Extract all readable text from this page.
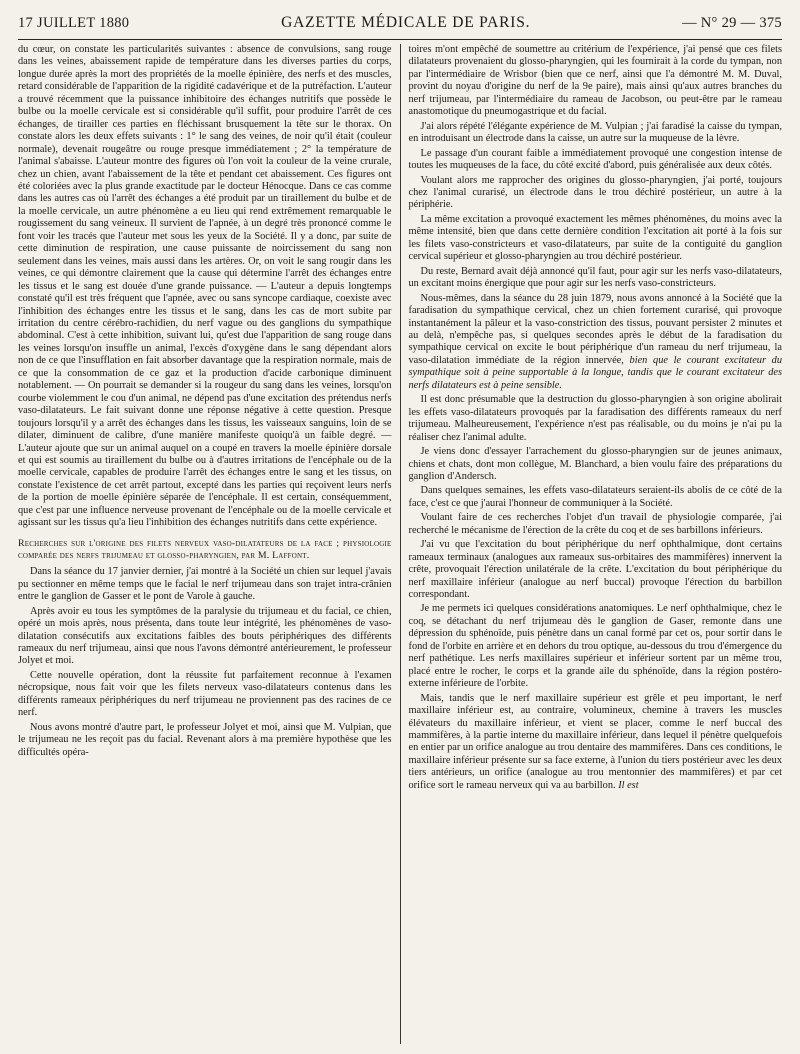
17 JUILLET 1880	GAZETTE MÉDICALE DE PARIS.	— N° 29 — 375

du cœur, on constate les particularités suivantes : absence de convulsions, sang rouge dans les veines, abaissement rapide de température dans les diverses parties du corps, longue durée après la mort des propriétés de la moelle épinière, des nerfs et des muscles, retard considérable de l'apparition de la rigidité cadavérique et de la putréfaction. L'auteur a trouvé récemment que la puissance inhibitoire des échanges nutritifs que possède le bulbe ou la moelle cervicale est si considérable qu'il suffit, pour produire l'arrêt de ces échanges, de tirailler ces parties en fléchissant brusquement la tête sur le thorax. On constate alors les deux effets suivants : 1° le sang des veines, de noir qu'il était (couleur normale), devenait rougeâtre ou rouge presque immédiatement ; 2° la température de l'animal s'abaisse. L'auteur montre des figures où l'on voit la couleur de la veine crurale, chez un chien, avant l'abaissement de la tête et pendant cet abaissement. Ces figures ont été coloriées avec la plus grande exactitude par le docteur Hénocque. Dans ce cas comme dans les autres cas où l'arrêt des échanges a été produit par un tiraillement du bulbe et de la moelle cervicale, un autre phénomène a eu lieu qui rend extrêmement remarquable le rougissement du sang veineux. Il survient de l'apnée, à un degré très prononcé comme le font voir les tracés que l'auteur met sous les yeux de la Société. Il y a donc, par suite de cette diminution de respiration, une cause puissante de noircissement du sang non seulement dans les veines, mais aussi dans les artères. Or, on voit le sang rougir dans les veines, ce qui démontre clairement que la cause qui détermine l'arrêt des échanges entre les tissus et le sang est douée d'une grande puissance. — L'auteur a depuis longtemps constaté qu'il est très fréquent que l'apnée, avec ou sans syncope cardiaque, coexiste avec l'inhibition des échanges entre les tissus et le sang, dans les cas de mort subite par irritation du centre cérébro-rachidien, du nerf vague ou des ganglions du sympathique abdominal. C'est à cette inhibition, suivant lui, qu'est due l'apparition de sang rouge dans les veines lorsqu'on insuffle un animal, l'excès d'oxygène dans le sang dépendant alors non de ce que l'insufflation en fait absorber davantage que la respiration normale, mais de ce que la consommation de ce gaz et la production d'acide carbonique diminuent notablement. — On pourrait se demander si la rougeur du sang dans les veines, lorsqu'on courbe violemment le cou d'un animal, ne dépend pas d'une excitation des prétendus nerfs vaso-dilatateurs. Le fait suivant donne une réponse négative à cette question. Presque toujours lorsqu'il y a arrêt des échanges dans les tissus, les vaisseaux sanguins, loin de se dilater, diminuent de calibre, d'une manière manifeste quoiqu'à un faible degré. — L'auteur ajoute que sur un animal auquel on a coupé en travers la moelle épinière dorsale et qui est soumis au tiraillement du bulbe ou à d'autres irritations de l'encéphale ou de la moelle cervicale, capables de produire l'arrêt des échanges entre le sang et les tissus, on constate l'existence de cet arrêt partout, excepté dans les parties qui reçoivent leurs nerfs de la portion de moelle épinière séparée de l'encéphale. Il est certain, conséquemment, que c'est par une influence nerveuse provenant de l'encéphale ou de la moelle cervicale et agissant sur les tissus qu'a lieu l'inhibition des échanges nutritifs dans cette expérience.

Recherches sur l'origine des filets nerveux vaso-dilatateurs de la face ; physiologie comparée des nerfs trijumeau et glosso-pharyngien, par M. Laffont.

Dans la séance du 17 janvier dernier, j'ai montré à la Société un chien sur lequel j'avais pu sectionner en même temps que le facial le nerf trijumeau dans son trajet intra-crânien entre le ganglion de Gasser et le pont de Varole à gauche.

Après avoir eu tous les symptômes de la paralysie du trijumeau et du facial, ce chien, opéré un mois après, nous présenta, dans toute leur intégrité, les phénomènes de vaso-dilatation consécutifs aux excitations faibles des bouts périphériques des différents rameaux du nerf trijumeau, ainsi que nous l'avons démontré antérieurement, le professeur Jolyet et moi.

Cette nouvelle opération, dont la réussite fut parfaitement reconnue à l'examen nécropsique, nous fait voir que les filets nerveux vaso-dilatateurs contenus dans les différents rameaux périphériques du nerf trijumeau ne proviennent pas des racines de ce nerf.

Nous avons montré d'autre part, le professeur Jolyet et moi, ainsi que M. Vulpian, que le trijumeau ne les reçoit pas du facial. Revenant alors à ma première hypothèse que les difficultés opéra-

toires m'ont empêché de soumettre au critérium de l'expérience, j'ai pensé que ces filets dilatateurs provenaient du glosso-pharyngien, qui les fournirait à la corde du tympan, non par l'intermédiaire de Wrisbor (bien que ce nerf, ainsi que l'a démontré M. M. Duval, provint du noyau d'origine du nerf de la 9e paire), mais ainsi qu'aux autres branches du nerf trijumeau, par l'intermédiaire du rameau de Jacobson, ou peut-être par le rameau anastomotique du pneumogastrique et du facial.

J'ai alors répété l'élégante expérience de M. Vulpian ; j'ai faradisé la caisse du tympan, en introduisant un électrode dans la caisse, un autre sur la muqueuse de la lèvre.

Le passage d'un courant faible a immédiatement provoqué une congestion intense de toutes les muqueuses de la face, du côté excité d'abord, puis généralisée aux deux côtés.

Voulant alors me rapprocher des origines du glosso-pharyngien, j'ai porté, toujours chez l'animal curarisé, un électrode dans le trou déchiré postérieur, un autre à la périphérie.

La même excitation a provoqué exactement les mêmes phénomènes, du moins avec la même intensité, bien que dans cette dernière condition l'excitation ait porté à la fois sur les filets vaso-constricteurs et vaso-dilatateurs, par suite de la contiguité du ganglion cervical supérieur et glosso-pharyngien au trou déchiré postérieur.

Du reste, Bernard avait déjà annoncé qu'il faut, pour agir sur les nerfs vaso-dilatateurs, un excitant moins énergique que pour agir sur les nerfs vaso-constricteurs.

Nous-mêmes, dans la séance du 28 juin 1879, nous avons annoncé à la Société que la faradisation du sympathique cervical, chez un chien fortement curarisé, qui provoque instantanément la pâleur et la vaso-constriction des tissus, pouvant persister 2 minutes et au delà, n'empêche pas, si quelques secondes après le début de la faradisation du sympathique cervical on excite le bout périphérique d'un rameau du nerf trijumeau, la vaso-dilatation immédiate de la région innervée, bien que le courant excitateur du sympathique soit à peine supportable à la longue, tandis que le courant excitateur des nerfs dilatateurs est à peine sensible.

Il est donc présumable que la destruction du glosso-pharyngien à son origine abolirait les effets vaso-dilatateurs provoqués par la faradisation des différents rameaux du nerf trijumeau. Malheureusement, l'expérience n'est pas réalisable, ou du moins je n'ai pu la réaliser chez l'animal adulte.

Je viens donc d'essayer l'arrachement du glosso-pharyngien sur de jeunes animaux, chiens et chats, dont mon collègue, M. Blanchard, a bien voulu faire des préparations du ganglion d'Andersch.

Dans quelques semaines, les effets vaso-dilatateurs seraient-ils abolis de ce côté de la face, c'est ce que j'aurai l'honneur de communiquer à la Société.

Voulant faire de ces recherches l'objet d'un travail de physiologie comparée, j'ai recherché le mécanisme de l'érection de la crête du coq et de ses barbillons inférieurs.

J'ai vu que l'excitation du bout périphérique du nerf ophthalmique, dont certains rameaux terminaux (analogues aux rameaux sus-orbitaires des mammifères) innervent la crête, provoquait l'érection unilatérale de la crête. L'excitation du bout périphérique du nerf maxillaire inférieur (analogue au nerf buccal) provoque l'érection du barbillon correspondant.

Je me permets ici quelques considérations anatomiques. Le nerf ophthalmique, chez le coq, se détachant du nerf trijumeau dès le ganglion de Gaser, remonte dans une dépression du sphénoïde, puis pénètre dans un canal formé par cet os, pour sortir dans le fond de l'orbite en arrière et en dehors du trou optique, au-dessous du trou d'émergence du nerf pathétique. Les nerfs maxillaires supérieur et inférieur sortent par un même trou, placé entre le rocher, le corps et la grande aile du sphénoïde, dans la région postéro-externe inférieure de l'orbite.

Mais, tandis que le nerf maxillaire supérieur est grêle et peu important, le nerf maxillaire inférieur est, au contraire, volumineux, chemine à travers les muscles élévateurs du maxillaire inférieur, et vient se placer, comme le nerf buccal des mammifères, à la partie interne du maxillaire inférieur, dans lequel il pénètre quelquefois en entier par un orifice analogue au trou dentaire des mammifères. Dans ces conditions, le maxillaire inférieur présente sur sa face externe, à l'union du tiers postérieur avec les deux tiers antérieurs, un orifice (analogue au trou mentonnier des mammifères) et par cet orifice sort le rameau nerveux qui va au barbillon. Il est
